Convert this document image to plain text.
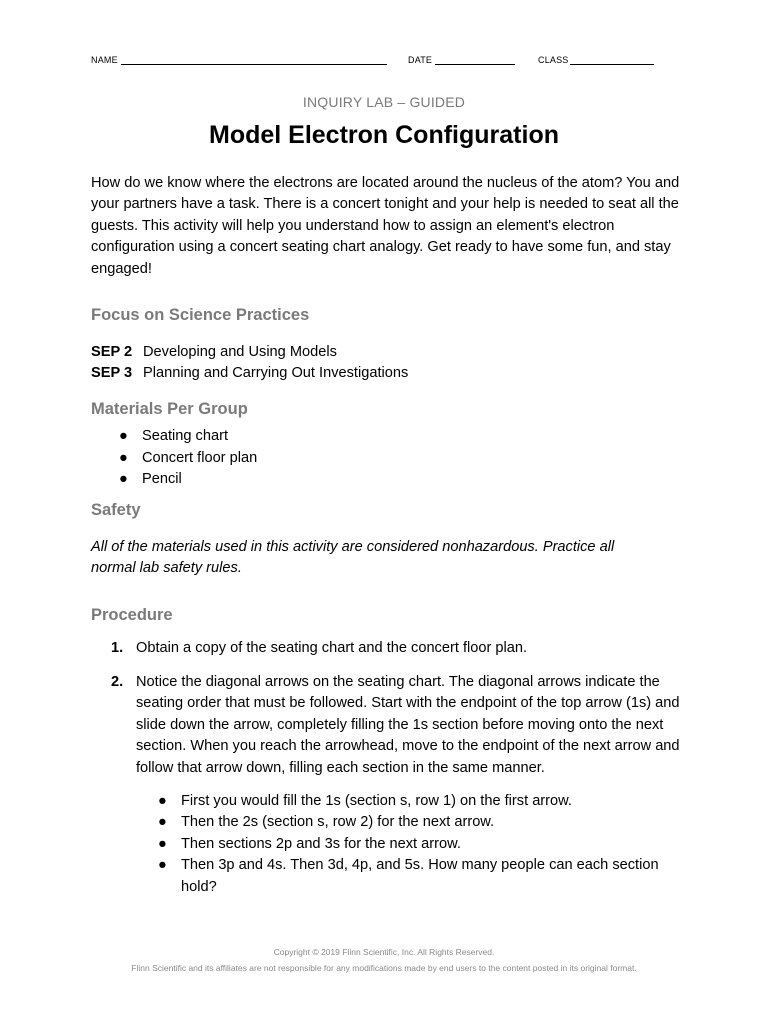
NAME	DATE	CLASS
INQUIRY LAB – GUIDED
Model Electron Configuration
How do we know where the electrons are located around the nucleus of the atom? You and your partners have a task. There is a concert tonight and your help is needed to seat all the guests. This activity will help you understand how to assign an element's electron configuration using a concert seating chart analogy. Get ready to have some fun, and stay engaged!
Focus on Science Practices
SEP 2 Developing and Using Models
SEP 3 Planning and Carrying Out Investigations
Materials Per Group
● Seating chart
● Concert floor plan
● Pencil
Safety
All of the materials used in this activity are considered nonhazardous. Practice all normal lab safety rules.
Procedure
1. Obtain a copy of the seating chart and the concert floor plan.
2. Notice the diagonal arrows on the seating chart. The diagonal arrows indicate the seating order that must be followed. Start with the endpoint of the top arrow (1s) and slide down the arrow, completely filling the 1s section before moving onto the next section. When you reach the arrowhead, move to the endpoint of the next arrow and follow that arrow down, filling each section in the same manner.
● First you would fill the 1s (section s, row 1) on the first arrow.
● Then the 2s (section s, row 2) for the next arrow.
● Then sections 2p and 3s for the next arrow.
● Then 3p and 4s. Then 3d, 4p, and 5s. How many people can each section hold?
Copyright © 2019 Flinn Scientific, Inc. All Rights Reserved.
Flinn Scientific and its affiliates are not responsible for any modifications made by end users to the content posted in its original format.
